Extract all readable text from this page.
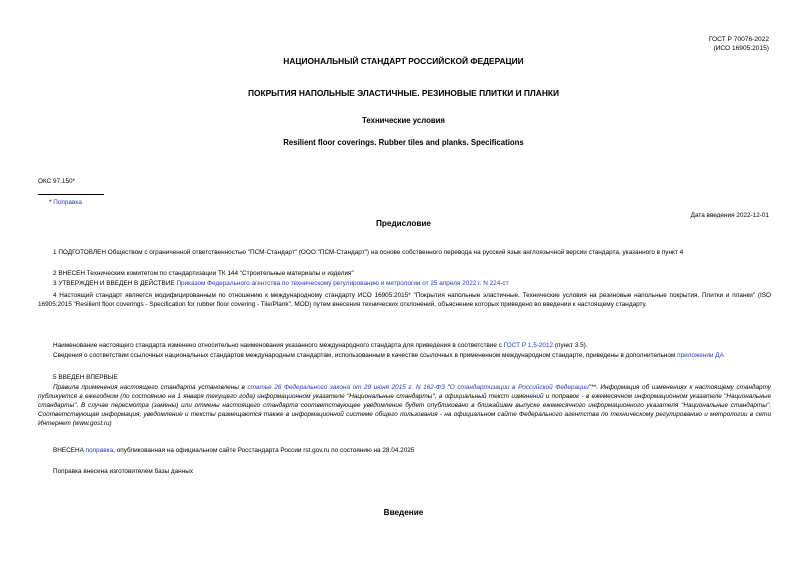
ГОСТ Р 70076-2022
(ИСО 16905:2015)
НАЦИОНАЛЬНЫЙ СТАНДАРТ РОССИЙСКОЙ ФЕДЕРАЦИИ
ПОКРЫТИЯ НАПОЛЬНЫЕ ЭЛАСТИЧНЫЕ. РЕЗИНОВЫЕ ПЛИТКИ И ПЛАНКИ
Технические условия
Resilient floor coverings. Rubber tiles and planks. Specifications
ОКС 97.150*
* Поправка
Дата введения 2022-12-01
Предисловие
1 ПОДГОТОВЛЕН Обществом с ограниченной ответственностью "ПСМ-Стандарт" (ООО "ПСМ-Стандарт") на основе собственного перевода на русский язык англоязычной версии стандарта, указанного в пункт 4
2 ВНЕСЕН Техническим комитетом по стандартизации ТК 144 "Строительные материалы и изделия"
3 УТВЕРЖДЕН И ВВЕДЕН В ДЕЙСТВИЕ Приказом Федерального агентства по техническому регулированию и метрологии от 25 апреля 2022 г. N 224-ст
4 Настоящий стандарт является модифицированным по отношению к международному стандарту ИСО 16905:2015* "Покрытия напольные эластичные. Технические условия на резиновые напольные покрытия. Плитки и планки" (ISO 16905:2015 "Resilient floor coverings - Specification for rubber floor covering - Tile/Plank", MOD) путем внесения технических отклонений, объяснение которых приведено во введении к настоящему стандарту.
Наименование настоящего стандарта изменено относительно наименования указанного международного стандарта для приведения в соответствие с ГОСТ Р 1.5-2012 (пункт 3.5).
Сведения о соответствии ссылочных национальных стандартов международным стандартам, использованным в качестве ссылочных в примененном международном стандарте, приведены в дополнительном приложении ДА
5 ВВЕДЕН ВПЕРВЫЕ
Правила применения настоящего стандарта установлены в статье 26 Федерального закона от 29 июня 2015 г. N 162-ФЗ "О стандартизации в Российской Федерации"**. Информация об изменениях к настоящему стандарту публикуется в ежегодном (по состоянию на 1 января текущего года) информационном указателе "Национальные стандарты", а официальный текст изменений и поправок - в ежемесячном информационном указателе "Национальные стандарты". В случае пересмотра (замены) или отмены настоящего стандарта соответствующее уведомление будет опубликовано в ближайшем выпуске ежемесячного информационного указателя "Национальные стандарты". Соответствующая информация, уведомление и тексты размещаются также в информационной системе общего пользования - на официальном сайте Федерального агентства по техническому регулированию и метрологии в сети Интернет (www.gost.ru)
ВНЕСЕНА поправка, опубликованная на официальном сайте Росстандарта России rst.gov.ru по состоянию на 28.04.2025
Поправка внесена изготовителем базы данных
Введение
